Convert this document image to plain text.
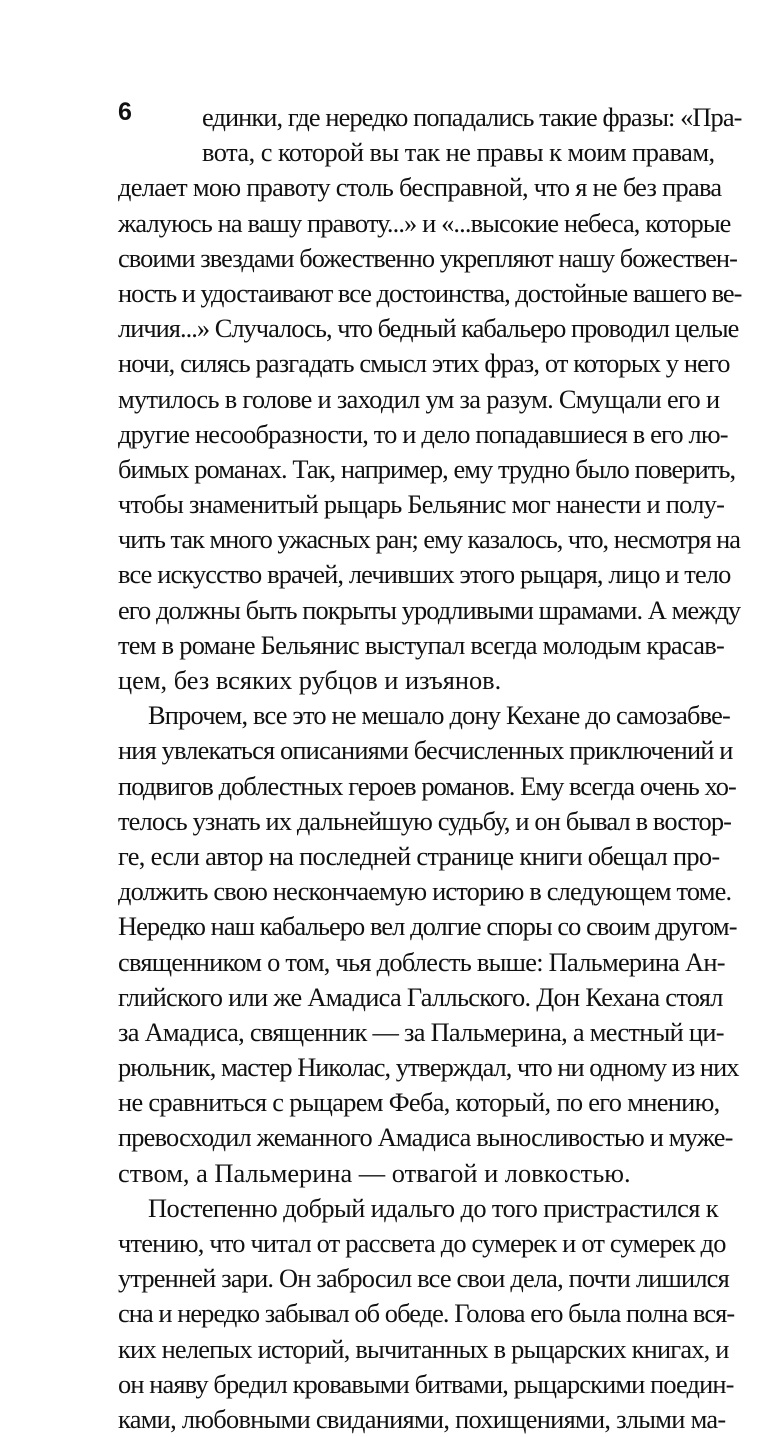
6	единки, где нередко попадались такие фразы: «Пра-
вота, с которой вы так не правы к моим правам,
делает мою правоту столь бесправной, что я не без права
жалуюсь на вашу правоту...» и «...высокие небеса, которые
своими звездами божественно укрепляют нашу божествен-
ность и удостаивают все достоинства, достойные вашего ве-
личия...» Случалось, что бедный кабальеро проводил целые
ночи, силясь разгадать смысл этих фраз, от которых у него
мутилось в голове и заходил ум за разум. Смущали его и
другие несообразности, то и дело попадавшиеся в его лю-
бимых романах. Так, например, ему трудно было поверить,
чтобы знаменитый рыцарь Бельянис мог нанести и полу-
чить так много ужасных ран; ему казалось, что, несмотря на
все искусство врачей, лечивших этого рыцаря, лицо и тело
его должны быть покрыты уродливыми шрамами. А между
тем в романе Бельянис выступал всегда молодым красав-
цем, без всяких рубцов и изъянов.
Впрочем, все это не мешало дону Кехане до самозабве-
ния увлекаться описаниями бесчисленных приключений и
подвигов доблестных героев романов. Ему всегда очень хо-
телось узнать их дальнейшую судьбу, и он бывал в востор-
ге, если автор на последней странице книги обещал про-
должить свою нескончаемую историю в следующем томе.
Нередко наш кабальеро вел долгие споры со своим другом-
священником о том, чья доблесть выше: Пальмерина Ан-
глийского или же Амадиса Галльского. Дон Кехана стоял
за Амадиса, священник — за Пальмерина, а местный ци-
рюльник, мастер Николас, утверждал, что ни одному из них
не сравниться с рыцарем Феба, который, по его мнению,
превосходил жеманного Амадиса выносливостью и муже-
ством, а Пальмерина — отвагой и ловкостью.
Постепенно добрый идальго до того пристрастился к
чтению, что читал от рассвета до сумерек и от сумерек до
утренней зари. Он забросил все свои дела, почти лишился
сна и нередко забывал об обеде. Голова его была полна вся-
ких нелепых историй, вычитанных в рыцарских книгах, и
он наяву бредил кровавыми битвами, рыцарскими поедин-
ками, любовными свиданиями, похищениями, злыми ма-
